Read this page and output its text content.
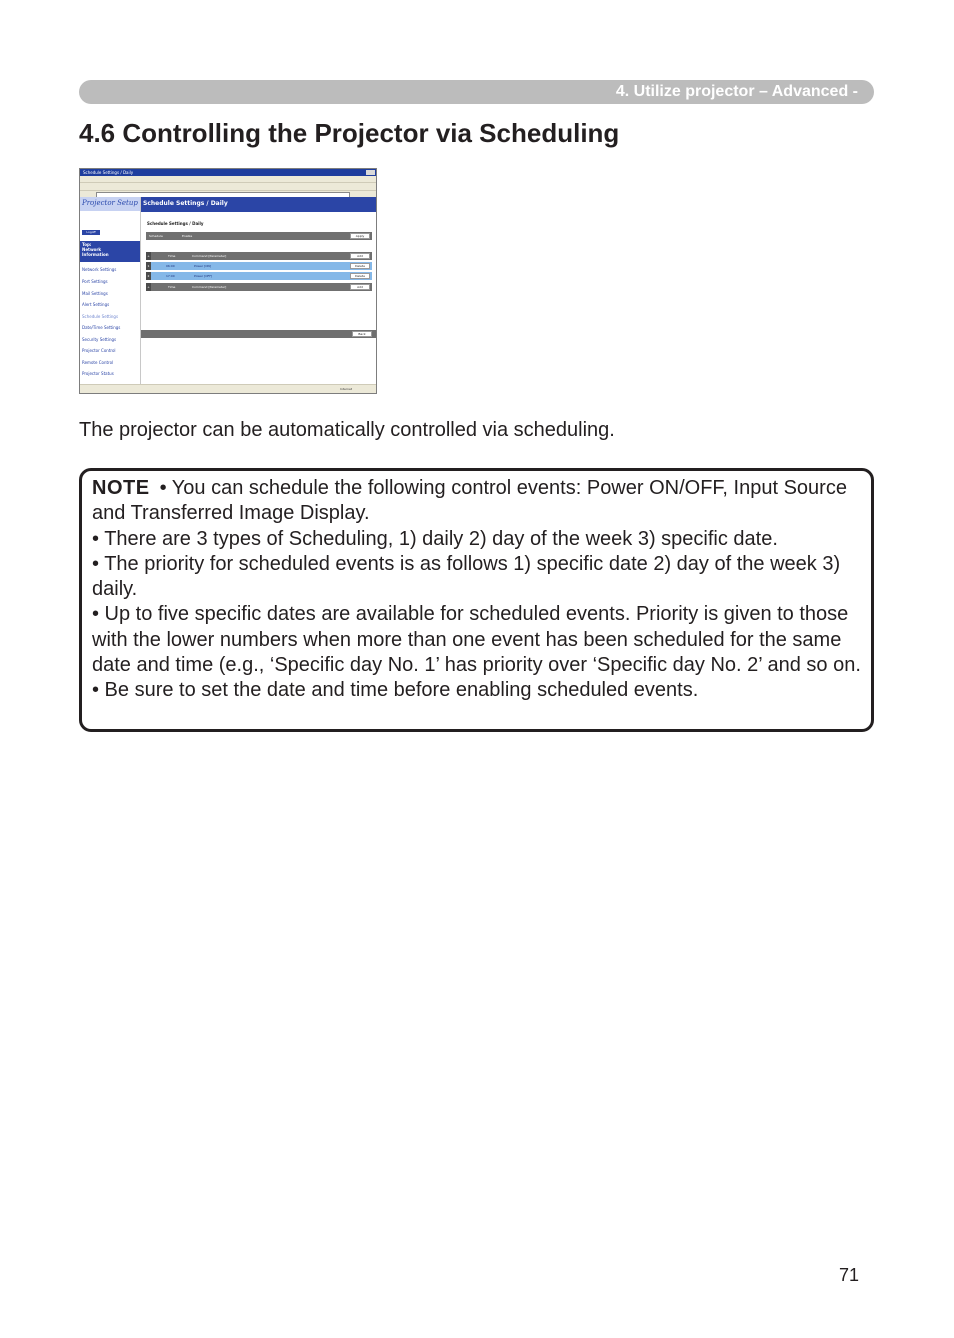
4. Utilize projector – Advanced -
4.6 Controlling the Projector via Scheduling
Schedule Settings / Daily
Projector Setup
Logoff
Top:
Network
Information
Network Settings
Port Settings
Mail Settings
Alert Settings
Schedule Settings
Date/Time Settings
Security Settings
Projector Control
Remote Control
Projector Status
Schedule Settings / Daily
Schedule Settings / Daily
Schedule	Enable	Apply
+	Time	Command [Parameter]	Add
1	06:00	Power [ON]	Delete
2	17:00	Power [OFF]	Delete
+	Time	Command [Parameter]	Add
Back
Internet

The projector can be automatically controlled via scheduling.

NOTE • You can schedule the following control events: Power ON/OFF, Input Source and Transferred Image Display.

• There are 3 types of Scheduling, 1) daily 2) day of the week 3) specific date.

• The priority for scheduled events is as follows 1) specific date 2) day of the week 3) daily.

• Up to five specific dates are available for scheduled events. Priority is given to those with the lower numbers when more than one event has been scheduled for the same date and time (e.g., ‘Specific day No. 1’ has priority over ‘Specific day No. 2’ and so on.

• Be sure to set the date and time before enabling scheduled events.

71
